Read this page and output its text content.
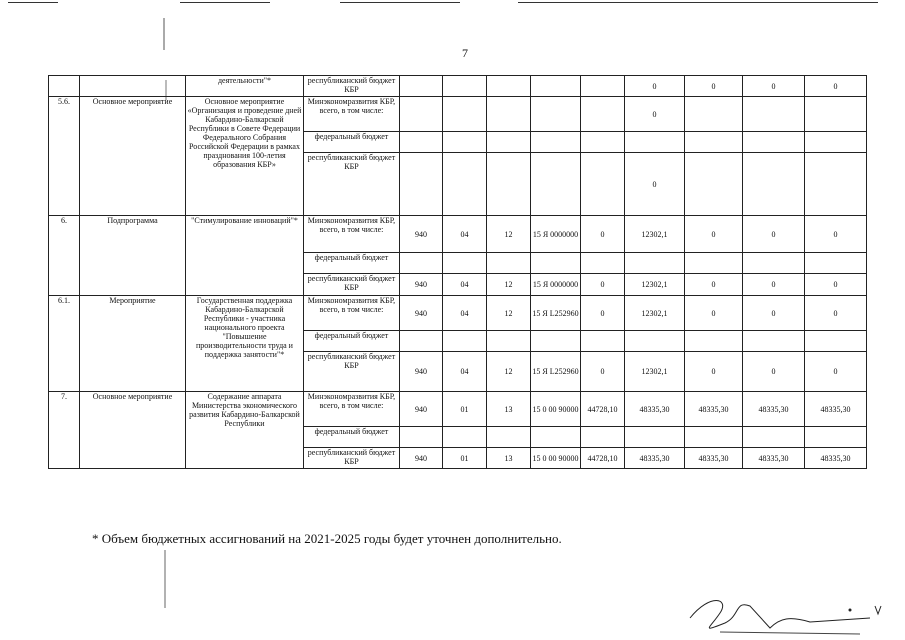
7
		деятельности"*	республиканский бюджет КБР						0	0	0	0
5.6.	Основное мероприятие	Основное мероприятие «Организация и проведение дней Кабардино-Балкарской Республики в Совете Федерации Федерального Собрания Российской Федерации в рамках празднования 100-летия образования КБР»	Минэкономразвития КБР, всего, в том числе:						0			
			федеральный бюджет									
			республиканский бюджет КБР						0			
6.	Подпрограмма	"Стимулирование инноваций"*	Минэкономразвития КБР, всего, в том числе:	940	04	12	15 Я 0000000	0	12302,1	0	0	0
			федеральный бюджет									
			республиканский бюджет КБР	940	04	12	15 Я 0000000	0	12302,1	0	0	0
6.1.	Мероприятие	Государственная поддержка Кабардино-Балкарской Республики - участника национального проекта "Повышение производительности труда и поддержка занятости"*	Минэкономразвития КБР, всего, в том числе:	940	04	12	15 Я L252960	0	12302,1	0	0	0
			федеральный бюджет									
			республиканский бюджет КБР	940	04	12	15 Я L252960	0	12302,1	0	0	0
7.	Основное мероприятие	Содержание аппарата Министерства экономического развития Кабардино-Балкарской Республики	Минэкономразвития КБР, всего, в том числе:	940	01	13	15 0 00 90000	44728,10	48335,30	48335,30	48335,30	48335,30
			федеральный бюджет									
			республиканский бюджет КБР	940	01	13	15 0 00 90000	44728,10	48335,30	48335,30	48335,30	48335,30
* Объем бюджетных ассигнований на 2021-2025 годы будет уточнен дополнительно.
